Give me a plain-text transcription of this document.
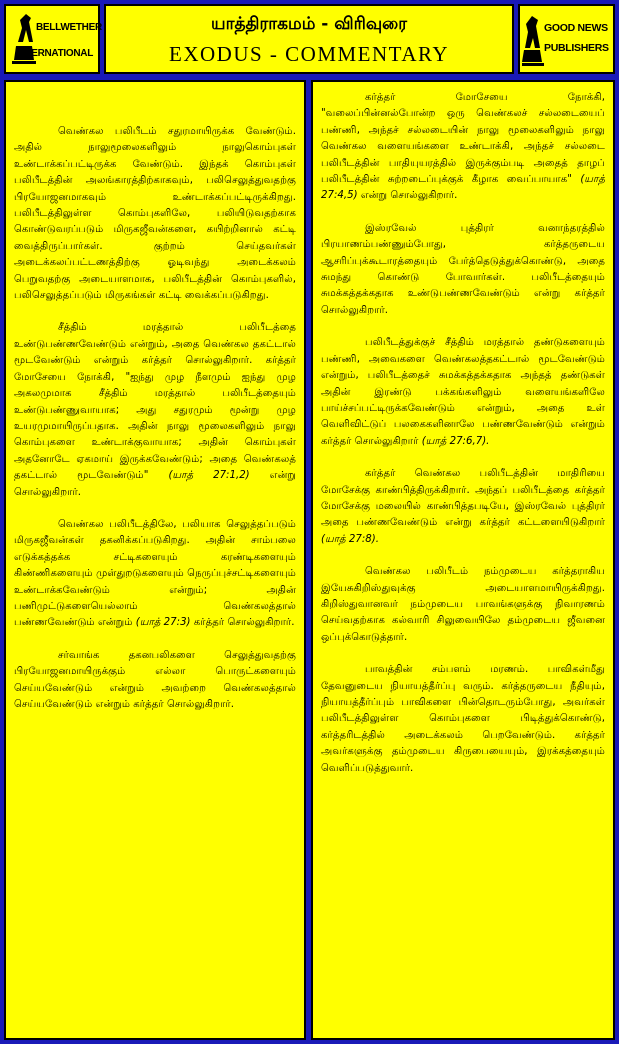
BELLWETHER
INTERNATIONAL
யாத்திராகமம் - விரிவுரை
EXODUS - COMMENTARY
GOOD NEWS
PUBLISHERS

வெண்கல பலிபீடம் சதுரமாயிருக்க வேண்டும். அதில் நாலுமூலைகளிலும் நாலுகொம்புகள் உண்டாக்கப்பட்டிருக்க வேண்டும். இந்தக் கொம்புகள் பலிபீடத்தின் அலங்காரத்திற்காகவும், பலிசெலுத்துவதற்கு பிரயோஜனமாகவும் உண்டாக்கப்பட்டிருக்கிறது. பலிபீடத்திலுள்ள கொம்புகளிலே, பலியிடுவதற்காக கொண்டுவரப்படும் மிருகஜீவன்களை, கயிற்றினால் கட்டி வைத்திருப்பார்கள். குற்றம் செய்தவர்கள் அடைக்கலப்பட்டணத்திற்கு ஓடிவந்து அடைக்கலம் பெறுவதற்கு அடையாளமாக, பலிபீடத்தின் கொம்புகளில், பலிசெலுத்தப்படும் மிருகங்கள் கட்டி வைக்கப்படுகிறது.

சீத்திம் மரத்தால் பலிபீடத்தை உண்டுபண்ணவேண்டும் என்றும், அதை வெண்கல தகட்டால் மூடவேண்டும் என்றும் கர்த்தர் சொல்லுகிறார். கர்த்தர் மோசேயை நோக்கி, "ஐந்து முழ நீளமும் ஐந்து முழ அகலமுமாக சீத்திம் மரத்தால் பலிபீடத்தையும் உண்டுபண்ணுவாயாக; அது சதுரமும் மூன்று முழ உயரமுமாயிருப்பதாக. அதின் நாலு மூலைகளிலும் நாலு கொம்புகளை உண்டாக்குவாயாக; அதின் கொம்புகள் அதனோடே ஏகமாய் இருக்கவேண்டும்; அதை வெண்கலத் தகட்டால் மூடவேண்டும்" (யாத் 27:1,2) என்று சொல்லுகிறார்.

வெண்கல பலிபீடத்திலே, பலியாக செலுத்தப்படும் மிருகஜீவன்கள் தகனிக்கப்படுகிறது. அதின் சாம்பலை எடுக்கத்தக்க சட்டிகளையும் கரண்டிகளையும் கிண்ணிகளையும் முள்துறடுகளையும் நெருப்புச்சட்டிகளையும் உண்டாக்கவேண்டும் என்றும்; அதின் பணிமுட்டுகளையெல்லாம் வெண்கலத்தால் பண்ணவேண்டும் என்றும் (யாத் 27:3) கர்த்தர் சொல்லுகிறார்.

சர்வாங்க தகனபலிகளை செலுத்துவதற்கு பிரயோஜனமாயிருக்கும் எல்லா பொருட்களையும் செய்யவேண்டும் என்றும் அவற்றை வெண்கலத்தால் செய்யவேண்டும் என்றும் கர்த்தர் சொல்லுகிறார்.

கர்த்தர் மோசேயை நோக்கி, "வலைப்பின்னல்போன்ற ஒரு வெண்கலச் சல்லடையைப் பண்ணி, அந்தச் சல்லடையின் நாலு மூலைகளிலும் நாலு வெண்கல வளையங்களை உண்டாக்கி, அந்தச் சல்லடை பலிபீடத்தின் பாதியுயரத்தில் இருக்கும்படி அதைத் தாழப் பலிபீடத்தின் சுற்றடைப்புக்குக் கீழாக வைப்பாயாக" (யாத் 27:4,5) என்று சொல்லுகிறார்.

இஸ்ரவேல் புத்திரர் வனாந்தரத்தில் பிரயாணம்பண்ணும்போது, கர்த்தருடைய ஆசரிப்புக்கூடாரத்தையும் பேர்த்தெடுத்துக்கொண்டு, அதை சுமந்து கொண்டு போவார்கள். பலிபீடத்தையும் சுமக்கத்தக்கதாக உண்டுபண்ணவேண்டும் என்று கர்த்தர் சொல்லுகிறார்.

பலிபீடத்துக்குச் சீத்திம் மரத்தால் தண்டுகளையும் பண்ணி, அவைகளை வெண்கலத்தகட்டால் மூடவேண்டும் என்றும், பலிபீடத்தைச் சுமக்கத்தக்கதாக அந்தத் தண்டுகள் அதின் இரண்டு பக்கங்களிலும் வளையங்களிலே பாய்ச்சப்பட்டிருக்கவேண்டும் என்றும், அதை உள் வெளிவிட்டுப் பலகைகளினாலே பண்ணவேண்டும் என்றும் கர்த்தர் சொல்லுகிறார் (யாத் 27:6,7).

கர்த்தர் வெண்கல பலிபீடத்தின் மாதிரியை மோசேக்கு காண்பித்திருக்கிறார். அந்தப் பலிபீடத்தை கர்த்தர் மோசேக்கு மலையில் காண்பித்தபடியே, இஸ்ரவேல் புத்திரர் அதை பண்ணவேண்டும் என்று கர்த்தர் கட்டளையிடுகிறார் (யாத் 27:8).

வெண்கல பலிபீடம் நம்முடைய கர்த்தராகிய இயேசுகிறிஸ்துவுக்கு அடையாளமாயிருக்கிறது. கிறிஸ்துவானவர் நம்முடைய பாவங்களுக்கு நிவாரணம் செய்வதற்காக கல்வாரி சிலுவையிலே தம்முடைய ஜீவனை ஒப்புக்கொடுத்தார்.

பாவத்தின் சம்பளம் மரணம். பாவிகள்மீது தேவனுடைய நியாயத்தீர்ப்பு வரும். கர்த்தருடைய நீதியும், நியாயத்தீர்ப்பும் பாவிகளை பின்தொடரும்போது, அவர்கள் பலிபீடத்திலுள்ள கொம்புகளை பிடித்துக்கொண்டு, கர்த்தரிடத்தில் அடைக்கலம் பெறவேண்டும். கர்த்தர் அவர்களுக்கு தம்முடைய கிருபையையும், இரக்கத்தையும் வெளிப்படுத்துவார்.
